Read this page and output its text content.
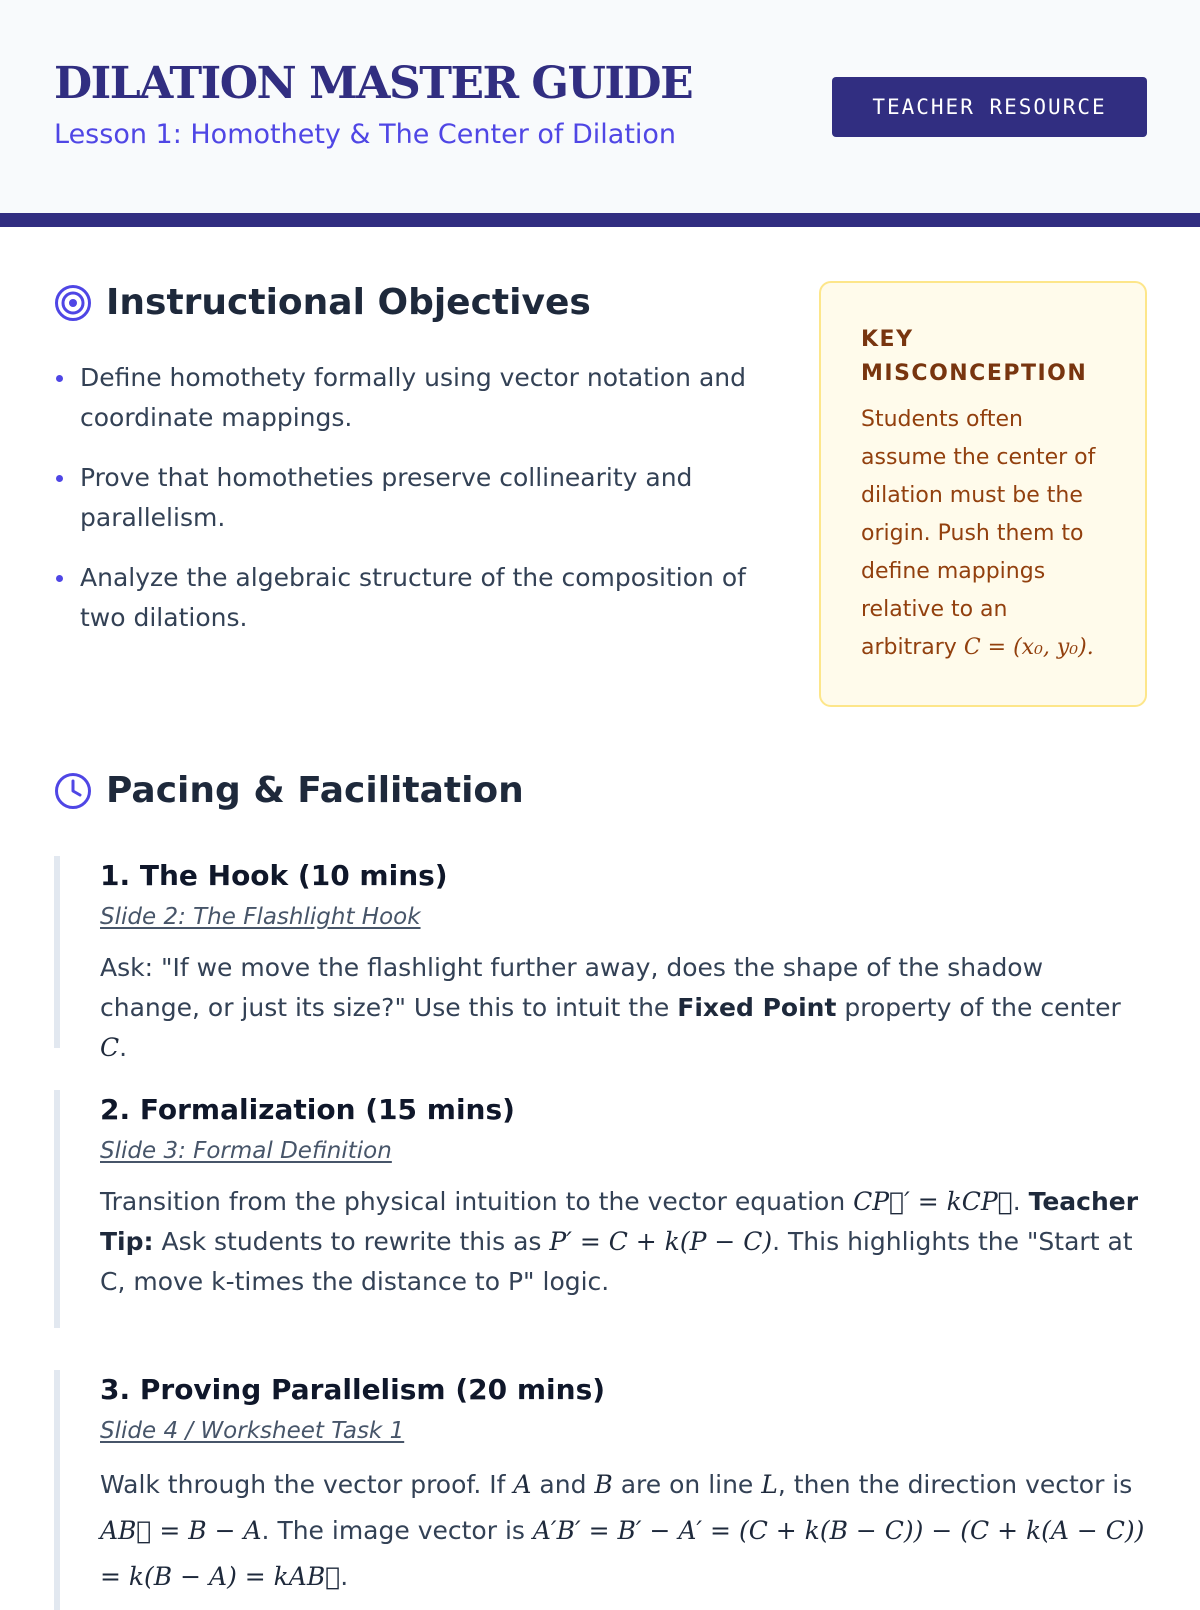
DILATION MASTER GUIDE
Lesson 1: Homothety & The Center of Dilation
TEACHER RESOURCE
Instructional Objectives
Define homothety formally using vector notation and coordinate mappings.
Prove that homotheties preserve collinearity and parallelism.
Analyze the algebraic structure of the composition of two dilations.
KEY MISCONCEPTION
Students often assume the center of dilation must be the origin. Push them to define mappings relative to an arbitrary C = (x₀, y₀).
Pacing & Facilitation
1. The Hook (10 mins)
Slide 2: The Flashlight Hook
Ask: "If we move the flashlight further away, does the shape of the shadow change, or just its size?" Use this to intuit the Fixed Point property of the center C.
2. Formalization (15 mins)
Slide 3: Formal Definition
Transition from the physical intuition to the vector equation CP⃗′ = kCP⃗. Teacher Tip: Ask students to rewrite this as P′ = C + k(P − C). This highlights the "Start at C, move k-times the distance to P" logic.
3. Proving Parallelism (20 mins)
Slide 4 / Worksheet Task 1
Walk through the vector proof. If A and B are on line L, then the direction vector is AB⃗ = B − A. The image vector is A′B′ = B′ − A′ = (C + k(B − C)) − (C + k(A − C)) = k(B − A) = kAB⃗.
